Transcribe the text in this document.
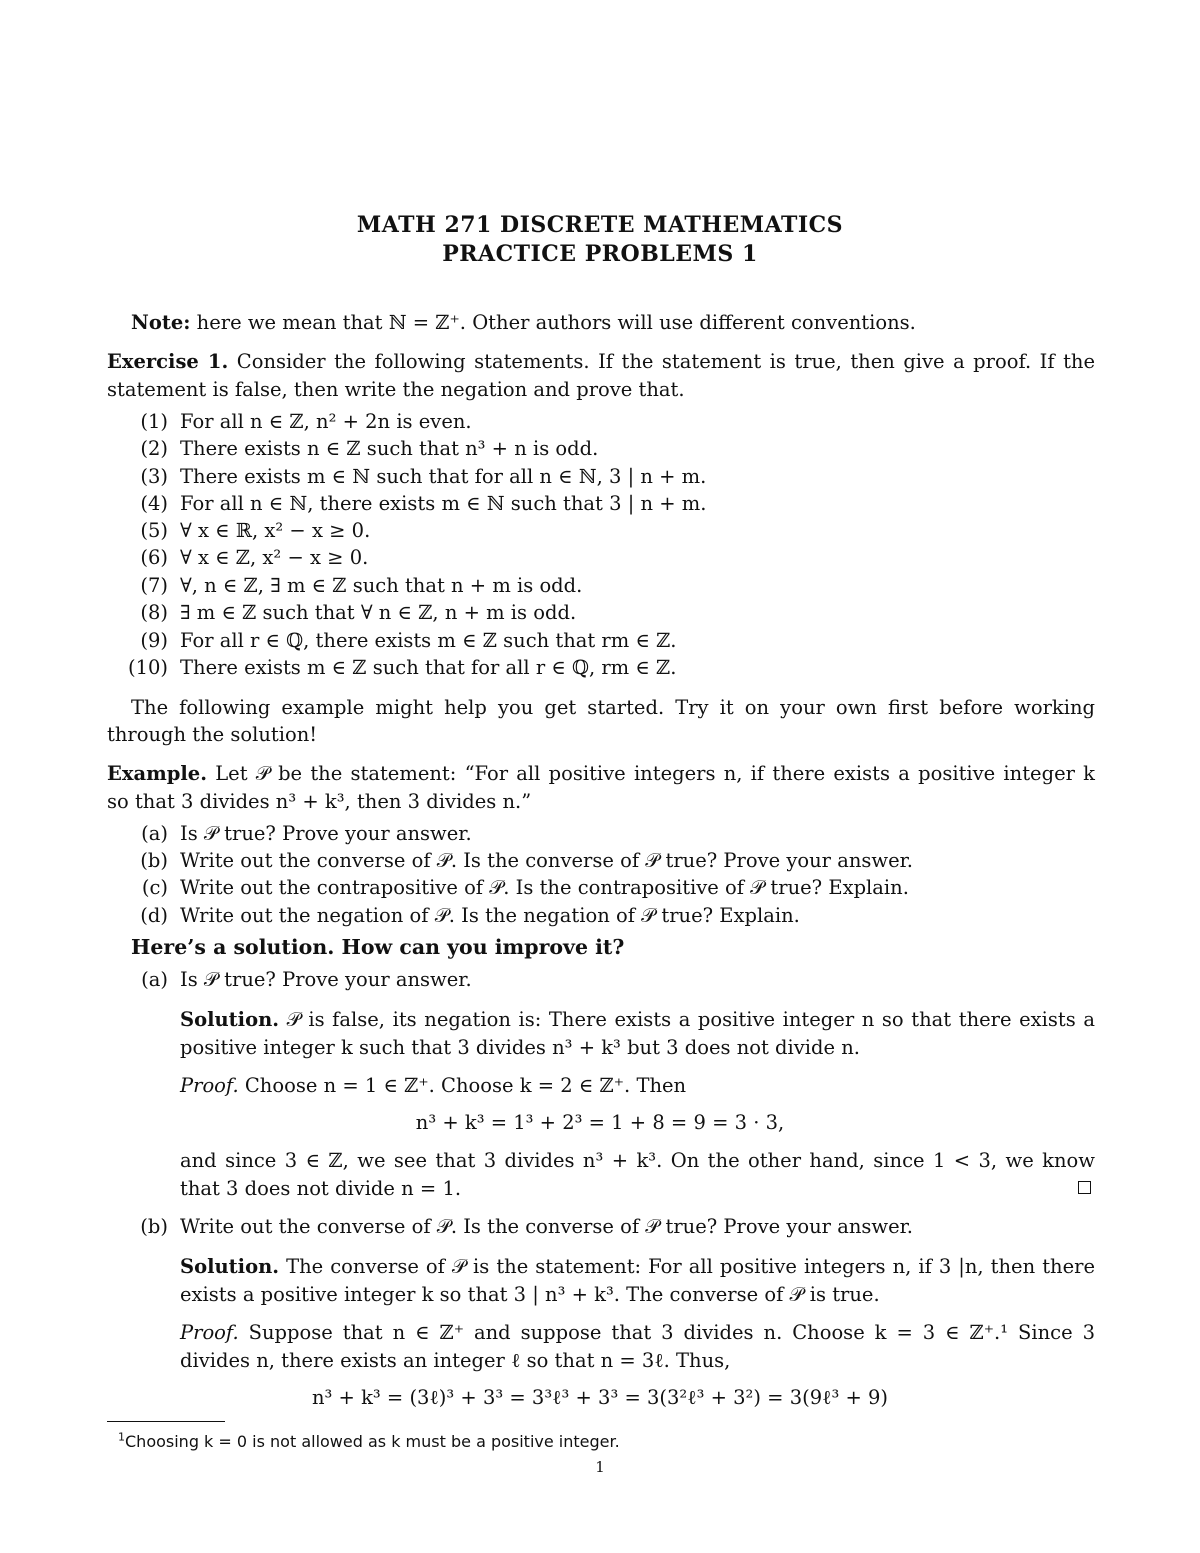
MATH 271 DISCRETE MATHEMATICS
PRACTICE PROBLEMS 1
Note: here we mean that ℕ = ℤ⁺. Other authors will use different conventions.
Exercise 1. Consider the following statements. If the statement is true, then give a proof. If the
statement is false, then write the negation and prove that.
(1) For all n ∈ ℤ, n² + 2n is even.
(2) There exists n ∈ ℤ such that n³ + n is odd.
(3) There exists m ∈ ℕ such that for all n ∈ ℕ, 3 | n + m.
(4) For all n ∈ ℕ, there exists m ∈ ℕ such that 3 | n + m.
(5) ∀ x ∈ ℝ, x² − x ≥ 0.
(6) ∀ x ∈ ℤ, x² − x ≥ 0.
(7) ∀, n ∈ ℤ, ∃ m ∈ ℤ such that n + m is odd.
(8) ∃ m ∈ ℤ such that ∀ n ∈ ℤ, n + m is odd.
(9) For all r ∈ ℚ, there exists m ∈ ℤ such that rm ∈ ℤ.
(10) There exists m ∈ ℤ such that for all r ∈ ℚ, rm ∈ ℤ.
The following example might help you get started. Try it on your own first before working
through the solution!
Example. Let 𝒫 be the statement: “For all positive integers n, if there exists a positive integer k
so that 3 divides n³ + k³, then 3 divides n.”
(a) Is 𝒫 true? Prove your answer.
(b) Write out the converse of 𝒫. Is the converse of 𝒫 true? Prove your answer.
(c) Write out the contrapositive of 𝒫. Is the contrapositive of 𝒫 true? Explain.
(d) Write out the negation of 𝒫. Is the negation of 𝒫 true? Explain.
Here’s a solution. How can you improve it?
(a) Is 𝒫 true? Prove your answer.
Solution. 𝒫 is false, its negation is: There exists a positive integer n so that there exists a
positive integer k such that 3 divides n³ + k³ but 3 does not divide n.
Proof. Choose n = 1 ∈ ℤ⁺. Choose k = 2 ∈ ℤ⁺. Then
n³ + k³ = 1³ + 2³ = 1 + 8 = 9 = 3 · 3,
and since 3 ∈ ℤ, we see that 3 divides n³ + k³. On the other hand, since 1 < 3, we know
that 3 does not divide n = 1.
(b) Write out the converse of 𝒫. Is the converse of 𝒫 true? Prove your answer.
Solution. The converse of 𝒫 is the statement: For all positive integers n, if 3 |n, then there
exists a positive integer k so that 3 | n³ + k³. The converse of 𝒫 is true.
Proof. Suppose that n ∈ ℤ⁺ and suppose that 3 divides n. Choose k = 3 ∈ ℤ⁺.¹ Since 3
divides n, there exists an integer ℓ so that n = 3ℓ. Thus,
n³ + k³ = (3ℓ)³ + 3³ = 3³ℓ³ + 3³ = 3(3²ℓ³ + 3²) = 3(9ℓ³ + 9)
$^1$Choosing k = 0 is not allowed as k must be a positive integer.
1
